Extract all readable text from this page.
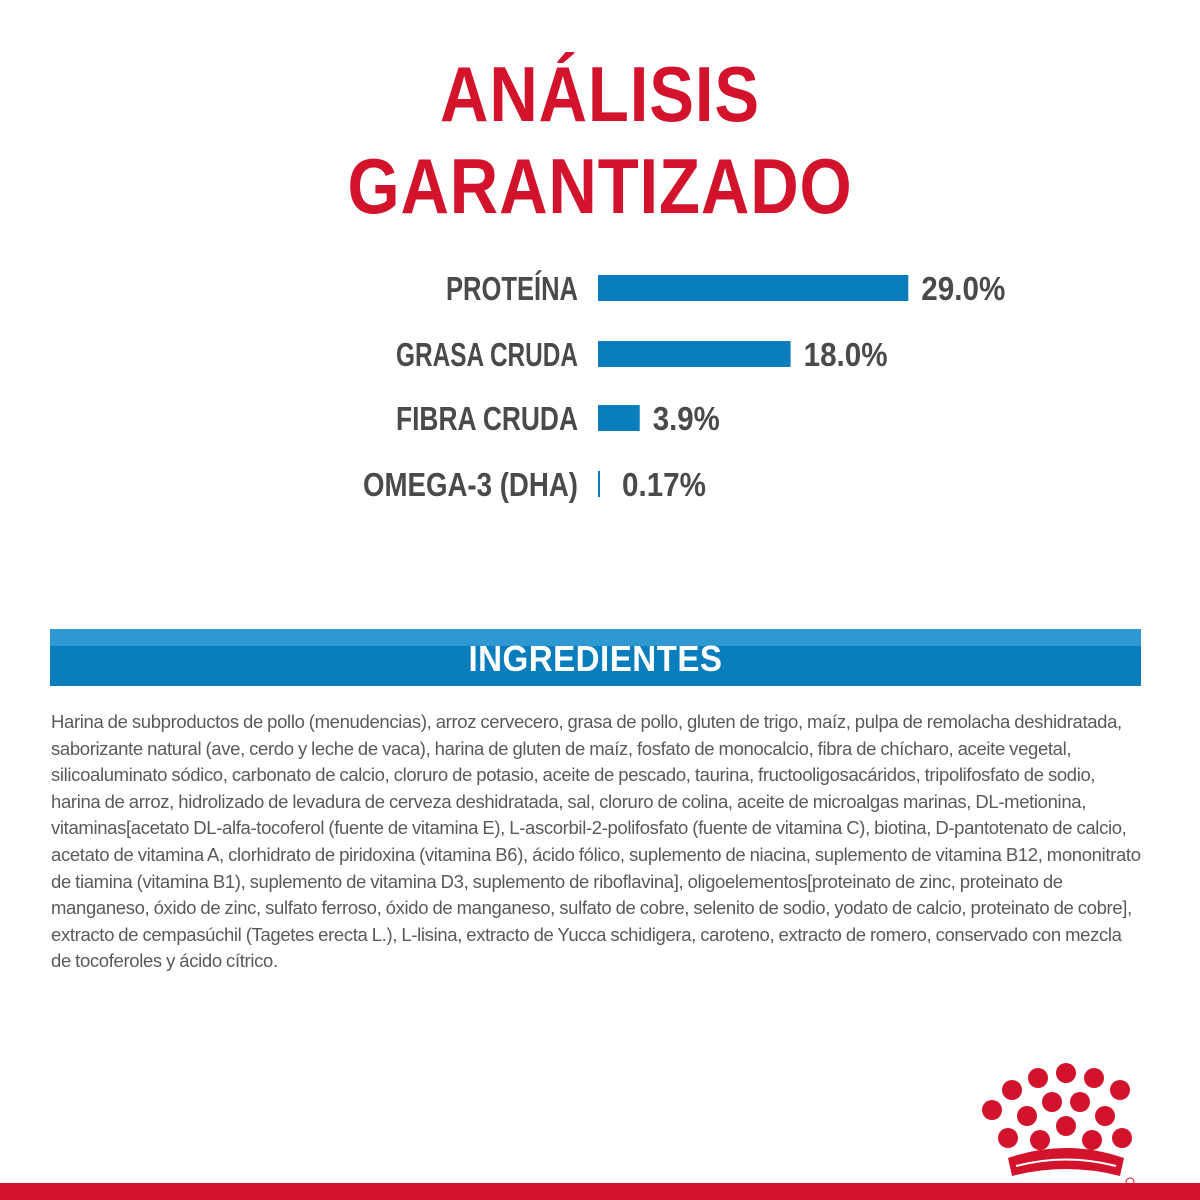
ANÁLISIS
GARANTIZADO
PROTEÍNA	29.0%
GRASA CRUDA	18.0%
FIBRA CRUDA 3.9%
OMEGA-3 (DHA) 0.17%
INGREDIENTES
Harina de subproductos de pollo (menudencias), arroz cervecero, grasa de pollo, gluten de trigo, maíz, pulpa de remolacha deshidratada, saborizante natural (ave, cerdo y leche de vaca), harina de gluten de maíz, fosfato de monocalcio, fibra de chícharo, aceite vegetal, silicoaluminato sódico, carbonato de calcio, cloruro de potasio, aceite de pescado, taurina, fructooligosacáridos, tripolifosfato de sodio, harina de arroz, hidrolizado de levadura de cerveza deshidratada, sal, cloruro de colina, aceite de microalgas marinas, DL-metionina, vitaminas[acetato DL-alfa-tocoferol (fuente de vitamina E), L-ascorbil-2-polifosfato (fuente de vitamina C), biotina, D-pantotenato de calcio, acetato de vitamina A, clorhidrato de piridoxina (vitamina B6), ácido fólico, suplemento de niacina, suplemento de vitamina B12, mononitrato de tiamina (vitamina B1), suplemento de vitamina D3, suplemento de riboflavina], oligoelementos[proteinato de zinc, proteinato de manganeso, óxido de zinc, sulfato ferroso, óxido de manganeso, sulfato de cobre, selenito de sodio, yodato de calcio, proteinato de cobre], extracto de cempasúchil (Tagetes erecta L.), L-lisina, extracto de Yucca schidigera, caroteno, extracto de romero, conservado con mezcla de tocoferoles y ácido cítrico.
